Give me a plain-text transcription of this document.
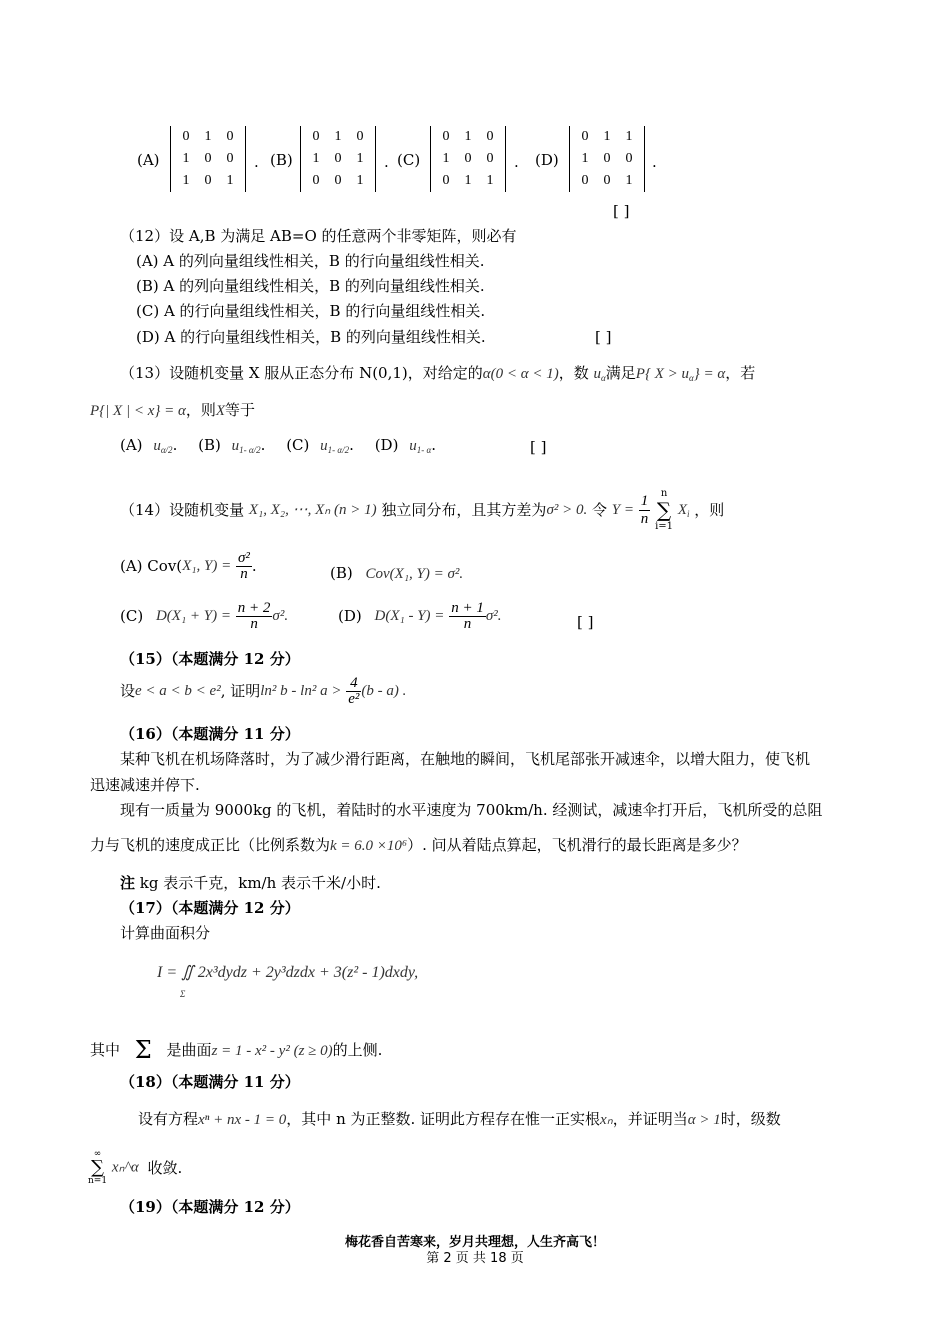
(A)
0	1	0
1	0	0
1	0	1
. (B)
0	1	0
1	0	1
0	0	1
. (C)
0	1	0
1	0	0
0	1	1
. (D)
0	1	1
1	0	0
0	0	1
.
[ ]
（12）设 A,B 为满足 AB=O 的任意两个非零矩阵，则必有
(A) A 的列向量组线性相关，B 的行向量组线性相关.
(B) A 的列向量组线性相关，B 的列向量组线性相关.
(C) A 的行向量组线性相关，B 的行向量组线性相关.
(D) A 的行向量组线性相关，B 的列向量组线性相关.	[ ]
（13）设随机变量 X 服从正态分布 N(0,1)，对给定的α(0 < α < 1)，数 $u_\alpha$满足P{ $X > u_\alpha\} = \alpha$，若
P{| X | < x} = α，则X等于
(A) $u_{\alpha/2}$. (B) $u_{1- \alpha/2}$. (C) $u_{1- \alpha/2}$. (D) $u_{1- \alpha}$.	[ ]
（14）设随机变量 X₁, X₂, ⋯, Xₙ (n > 1) 独立同分布，且其方差为σ² > 0. 令 $Y = \frac{1}{n}$
	n
∑
i=1
$X_i$ ，则
(A) Cov(X₁, $Y) = \frac{\text{σ²}}{n}$ .	(B) Cov(X₁, Y) = σ².
(C) $D(X_1 + Y) = \frac{n + 2}{n} \sigma^2$.	(D) $D(X_1 - Y) = \frac{n + 1}{n} \sigma^2$.	[ ]
（15）（本题满分 12 分）
设e < a < b < e², 证明ln² b - ln² $a > \frac{4}{\text{e²}} (b - a)$ .
（16）（本题满分 11 分）
某种飞机在机场降落时，为了减少滑行距离，在触地的瞬间，飞机尾部张开减速伞，以增大阻力，使飞机
迅速减速并停下.
现有一质量为 9000kg 的飞机，着陆时的水平速度为 700km/h. 经测试，减速伞打开后，飞机所受的总阻
力与飞机的速度成正比（比例系数为k = 6.0 ×10⁶）. 问从着陆点算起，飞机滑行的最长距离是多少？
注 kg 表示千克，km/h 表示千米/小时.
（17）（本题满分 12 分）
计算曲面积分
I = ∬ 2x³dydz + 2y³dzdx + 3(z² - 1)dxdy,
Σ
其中 Σ 是曲面z = 1 - x² - y² (z ≥ 0)的上侧.
（18）（本题满分 11 分）
设有方程xⁿ + nx - 1 = 0，其中 n 为正整数. 证明此方程存在惟一正实根xₙ，并证明当α > 1时，级数
∞
∑
n=1
xₙ^α 收敛.
（19）（本题满分 12 分）
梅花香自苦寒来，岁月共理想，人生齐高飞！
第 2 页 共 18 页
